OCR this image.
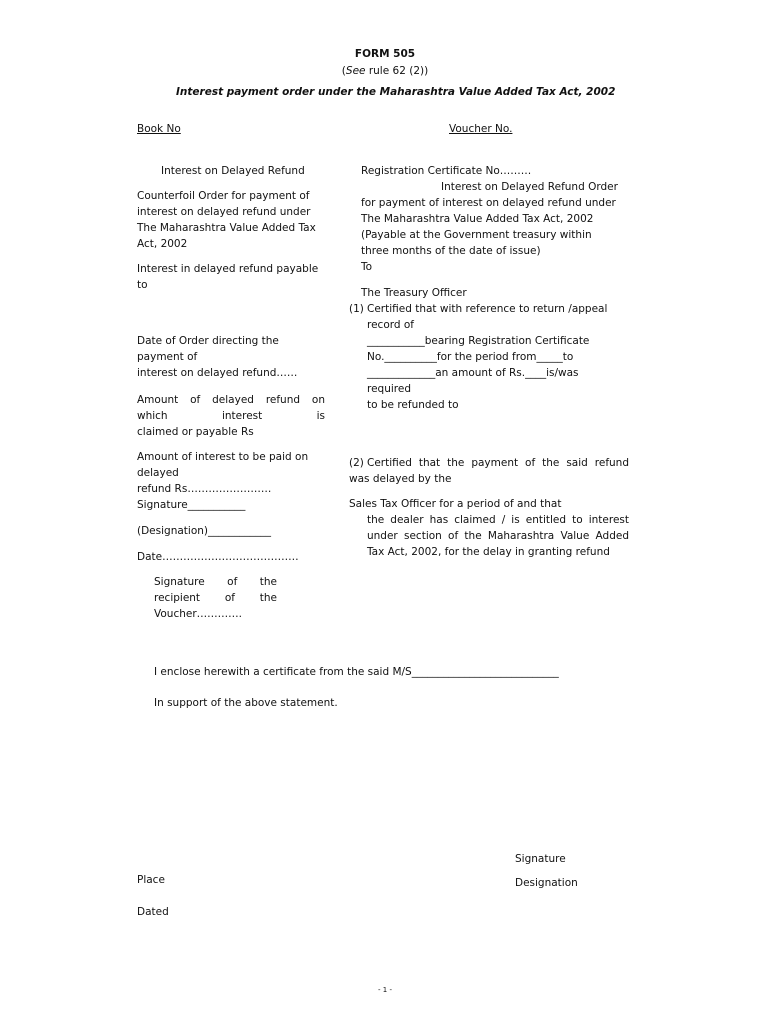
FORM 505
(See rule 62 (2))
Interest payment order under the Maharashtra Value Added Tax Act, 2002
Book No	Voucher No.
Interest on Delayed Refund

Counterfoil Order for payment of

interest on delayed refund under

The Maharashtra Value Added Tax

Act, 2002

Interest in delayed refund payable

to

Date of Order directing the

payment of

interest on delayed refund……

Amount of delayed refund on

which interest is

claimed or payable Rs

Amount of interest to be paid on

delayed

refund Rs……………………

Signature___________
(Designation)____________
Date…………………………………

Signature of the

recipient of the

Voucher………….

Registration Certificate No………
Interest on Delayed Refund Order

for payment of interest on delayed refund under

The Maharashtra Value Added Tax Act, 2002

(Payable at the Government treasury within

three months of the date of issue)

To
The Treasury Officer
(1) Certified that with reference to return /appeal

record of

___________bearing Registration Certificate

No.__________for the period from_____to

_____________an amount of Rs.____is/was

required

to be refunded to

(2) Certified that the payment of the said refund
was delayed by the
Sales Tax Officer for a period of and that

the dealer has claimed / is entitled to interest

under section of the Maharashtra Value Added

Tax Act, 2002, for the delay in granting refund

I enclose herewith a certificate from the said M/S____________________________
In support of the above statement.
Signature
Place	Designation
Dated
- 1 -
